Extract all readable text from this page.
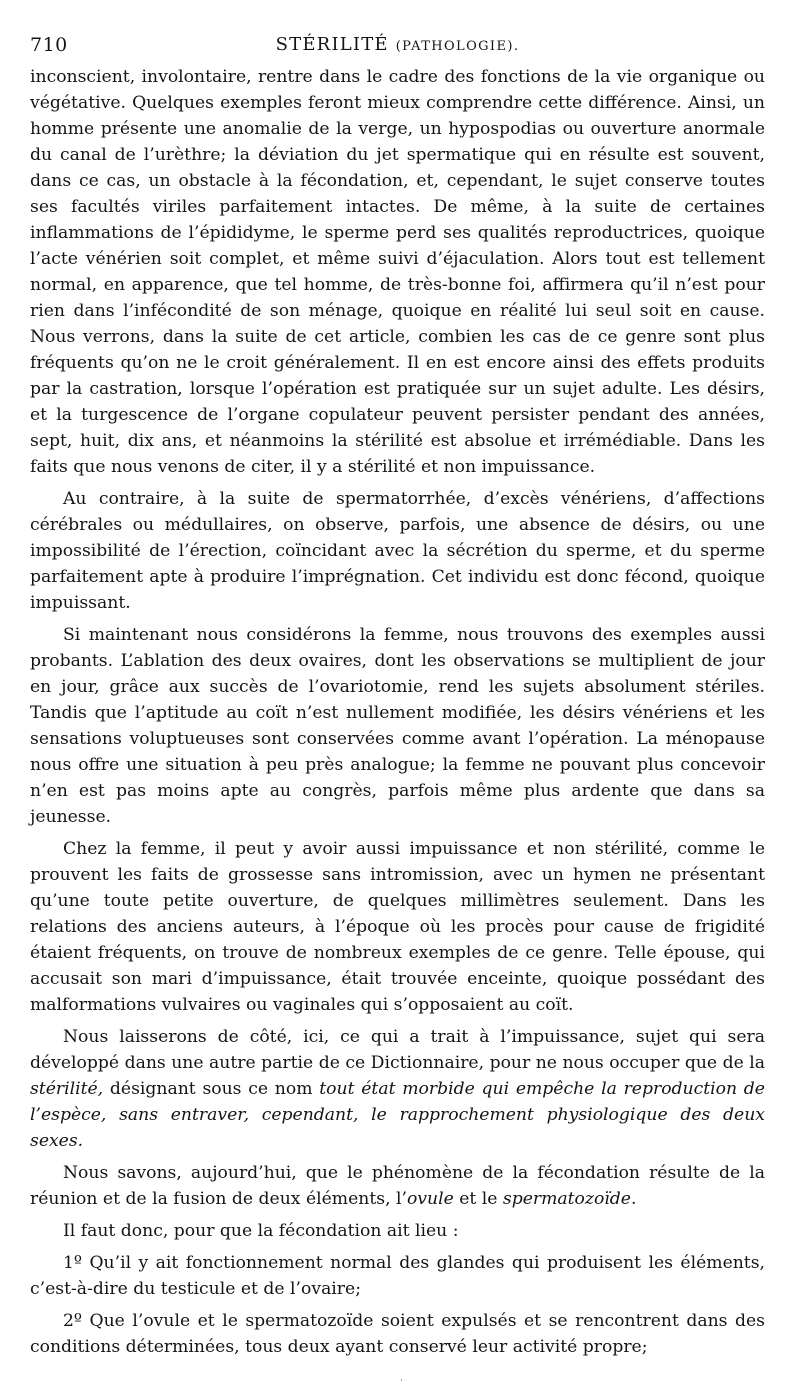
710	STÉRILITÉ (PATHOLOGIE).

inconscient, involontaire, rentre dans le cadre des fonctions de la vie organique ou végétative. Quelques exemples feront mieux comprendre cette différence. Ainsi, un homme présente une anomalie de la verge, un hypospodias ou ouverture anormale du canal de l’urèthre; la déviation du jet spermatique qui en résulte est souvent, dans ce cas, un obstacle à la fécondation, et, cependant, le sujet conserve toutes ses facultés viriles parfaitement intactes. De même, à la suite de certaines inflammations de l’épididyme, le sperme perd ses qualités reproductrices, quoique l’acte vénérien soit complet, et même suivi d’éjaculation. Alors tout est tellement normal, en apparence, que tel homme, de très-bonne foi, affirmera qu’il n’est pour rien dans l’infécondité de son ménage, quoique en réalité lui seul soit en cause. Nous verrons, dans la suite de cet article, combien les cas de ce genre sont plus fréquents qu’on ne le croit généralement. Il en est encore ainsi des effets produits par la castration, lorsque l’opération est pratiquée sur un sujet adulte. Les désirs, et la turgescence de l’organe copulateur peuvent persister pendant des années, sept, huit, dix ans, et néanmoins la stérilité est absolue et irrémédiable. Dans les faits que nous venons de citer, il y a stérilité et non impuissance.

Au contraire, à la suite de spermatorrhée, d’excès vénériens, d’affections cérébrales ou médullaires, on observe, parfois, une absence de désirs, ou une impossibilité de l’érection, coïncidant avec la sécrétion du sperme, et du sperme parfaitement apte à produire l’imprégnation. Cet individu est donc fécond, quoique impuissant.

Si maintenant nous considérons la femme, nous trouvons des exemples aussi probants. L’ablation des deux ovaires, dont les observations se multiplient de jour en jour, grâce aux succès de l’ovariotomie, rend les sujets absolument stériles. Tandis que l’aptitude au coït n’est nullement modifiée, les désirs vénériens et les sensations voluptueuses sont conservées comme avant l’opération. La ménopause nous offre une situation à peu près analogue; la femme ne pouvant plus concevoir n’en est pas moins apte au congrès, parfois même plus ardente que dans sa jeunesse.

Chez la femme, il peut y avoir aussi impuissance et non stérilité, comme le prouvent les faits de grossesse sans intromission, avec un hymen ne présentant qu’une toute petite ouverture, de quelques millimètres seulement. Dans les relations des anciens auteurs, à l’époque où les procès pour cause de frigidité étaient fréquents, on trouve de nombreux exemples de ce genre. Telle épouse, qui accusait son mari d’impuissance, était trouvée enceinte, quoique possédant des malformations vulvaires ou vaginales qui s’opposaient au coït.

Nous laisserons de côté, ici, ce qui a trait à l’impuissance, sujet qui sera développé dans une autre partie de ce Dictionnaire, pour ne nous occuper que de la stérilité, désignant sous ce nom tout état morbide qui empêche la reproduction de l’espèce, sans entraver, cependant, le rapprochement physiologique des deux sexes.

Nous savons, aujourd’hui, que le phénomène de la fécondation résulte de la réunion et de la fusion de deux éléments, l’ovule et le spermatozoïde.

Il faut donc, pour que la fécondation ait lieu :

1º Qu’il y ait fonctionnement normal des glandes qui produisent les éléments, c’est-à-dire du testicule et de l’ovaire;

2º Que l’ovule et le spermatozoïde soient expulsés et se rencontrent dans des conditions déterminées, tous deux ayant conservé leur activité propre;

·
